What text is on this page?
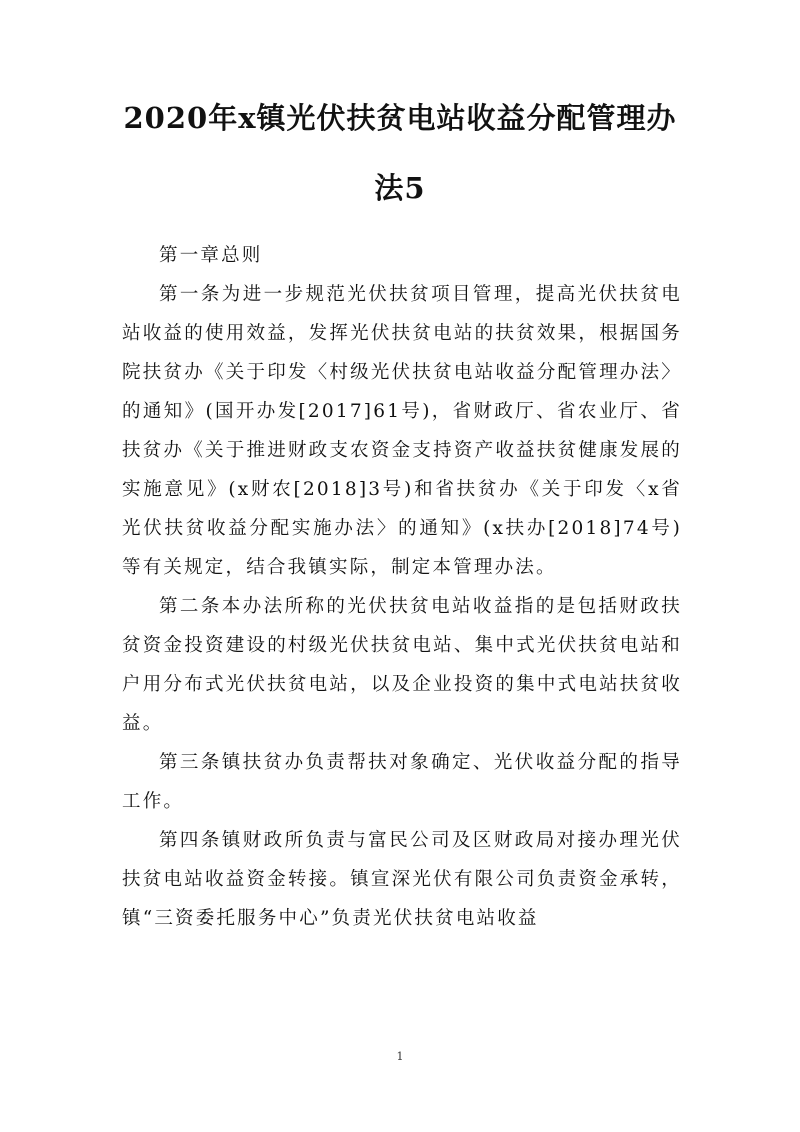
2020年x镇光伏扶贫电站收益分配管理办
法5

第一章总则

第一条为进一步规范光伏扶贫项目管理，提高光伏扶贫电站收益的使用效益，发挥光伏扶贫电站的扶贫效果，根据国务院扶贫办《关于印发〈村级光伏扶贫电站收益分配管理办法〉的通知》(国开办发[2017]61号)，省财政厅、省农业厅、省扶贫办《关于推进财政支农资金支持资产收益扶贫健康发展的实施意见》(x财农[2018]3号)和省扶贫办《关于印发〈x省光伏扶贫收益分配实施办法〉的通知》(x扶办[2018]74号)等有关规定，结合我镇实际，制定本管理办法。

第二条本办法所称的光伏扶贫电站收益指的是包括财政扶贫资金投资建设的村级光伏扶贫电站、集中式光伏扶贫电站和户用分布式光伏扶贫电站，以及企业投资的集中式电站扶贫收益。

第三条镇扶贫办负责帮扶对象确定、光伏收益分配的指导工作。

第四条镇财政所负责与富民公司及区财政局对接办理光伏扶贫电站收益资金转接。镇宣深光伏有限公司负责资金承转，镇“三资委托服务中心”负责光伏扶贫电站收益

1
